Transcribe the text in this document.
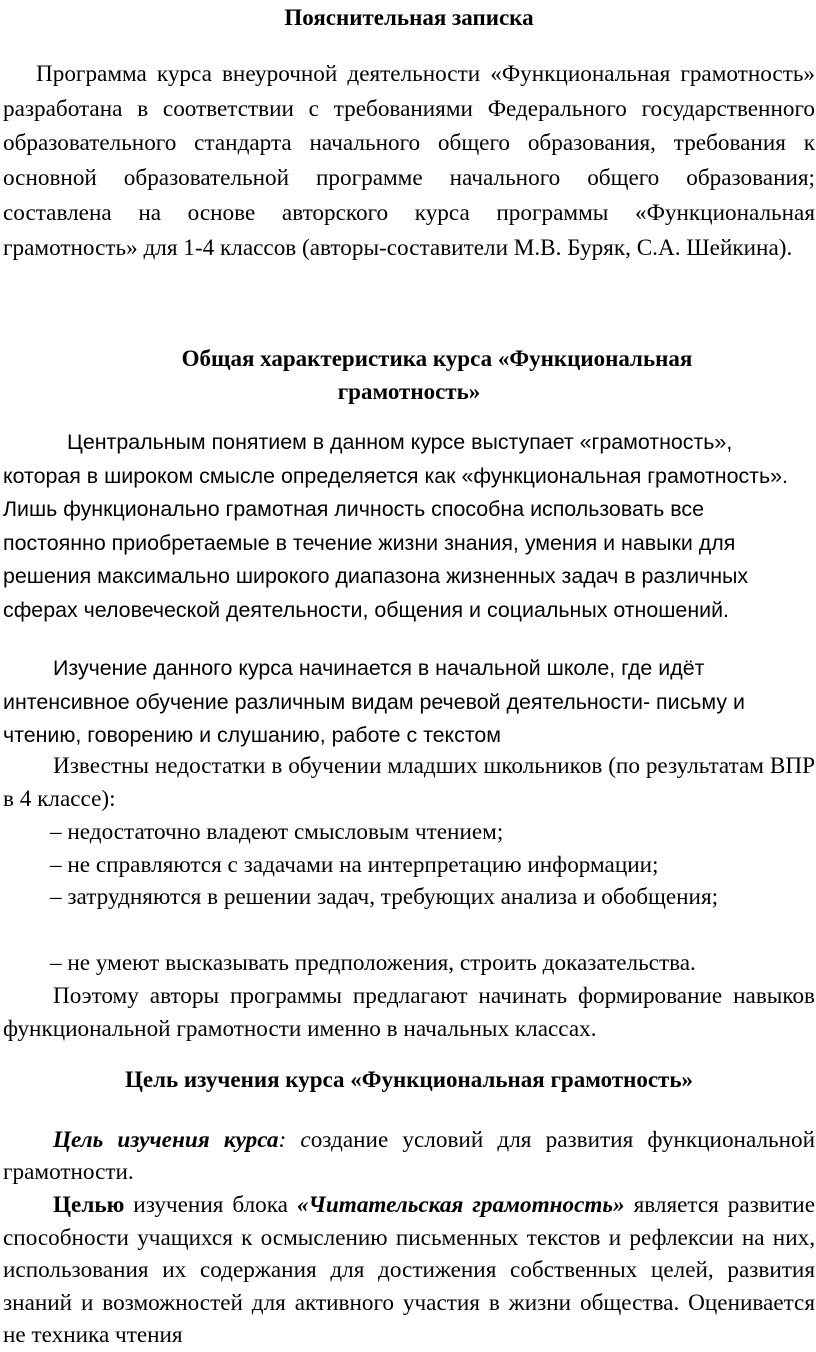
Пояснительная записка

Программа курса внеурочной деятельности «Функциональная грамотность» разработана в соответствии с требованиями Федерального государственного образовательного стандарта начального общего образования, требования к основной образовательной программе начального общего образования; составлена на основе авторского курса программы «Функциональная грамотность» для 1-4 классов (авторы-составители М.В. Буряк, С.А. Шейкина).

Общая характеристика курса «Функциональная
грамотность»

Центральным понятием в данном курсе выступает «грамотность», которая в широком смысле определяется как «функциональная грамотность». Лишь функционально грамотная личность способна использовать все постоянно приобретаемые в течение жизни знания, умения и навыки для решения максимально широкого диапазона жизненных задач в различных сферах человеческой деятельности, общения и социальных отношений.

Изучение данного курса начинается в начальной школе, где идёт интенсивное обучение различным видам речевой деятельности- письму и чтению, говорению и слушанию, работе с текстом

Известны недостатки в обучении младших школьников (по результатам ВПР в 4 классе):

– недостаточно владеют смысловым чтением;

– не справляются с задачами на интерпретацию информации;

– затрудняются в решении задач, требующих анализа и обобщения;

– не умеют высказывать предположения, строить доказательства.

Поэтому авторы программы предлагают начинать формирование навыков функциональной грамотности именно в начальных классах.

Цель изучения курса «Функциональная грамотность»

Цель изучения курса: создание условий для развития функциональной грамотности.

Целью изучения блока «Читательская грамотность» является развитие способности учащихся к осмыслению письменных текстов и рефлексии на них, использования их содержания для достижения собственных целей, развития знаний и возможностей для активного участия в жизни общества. Оценивается не техника чтения
